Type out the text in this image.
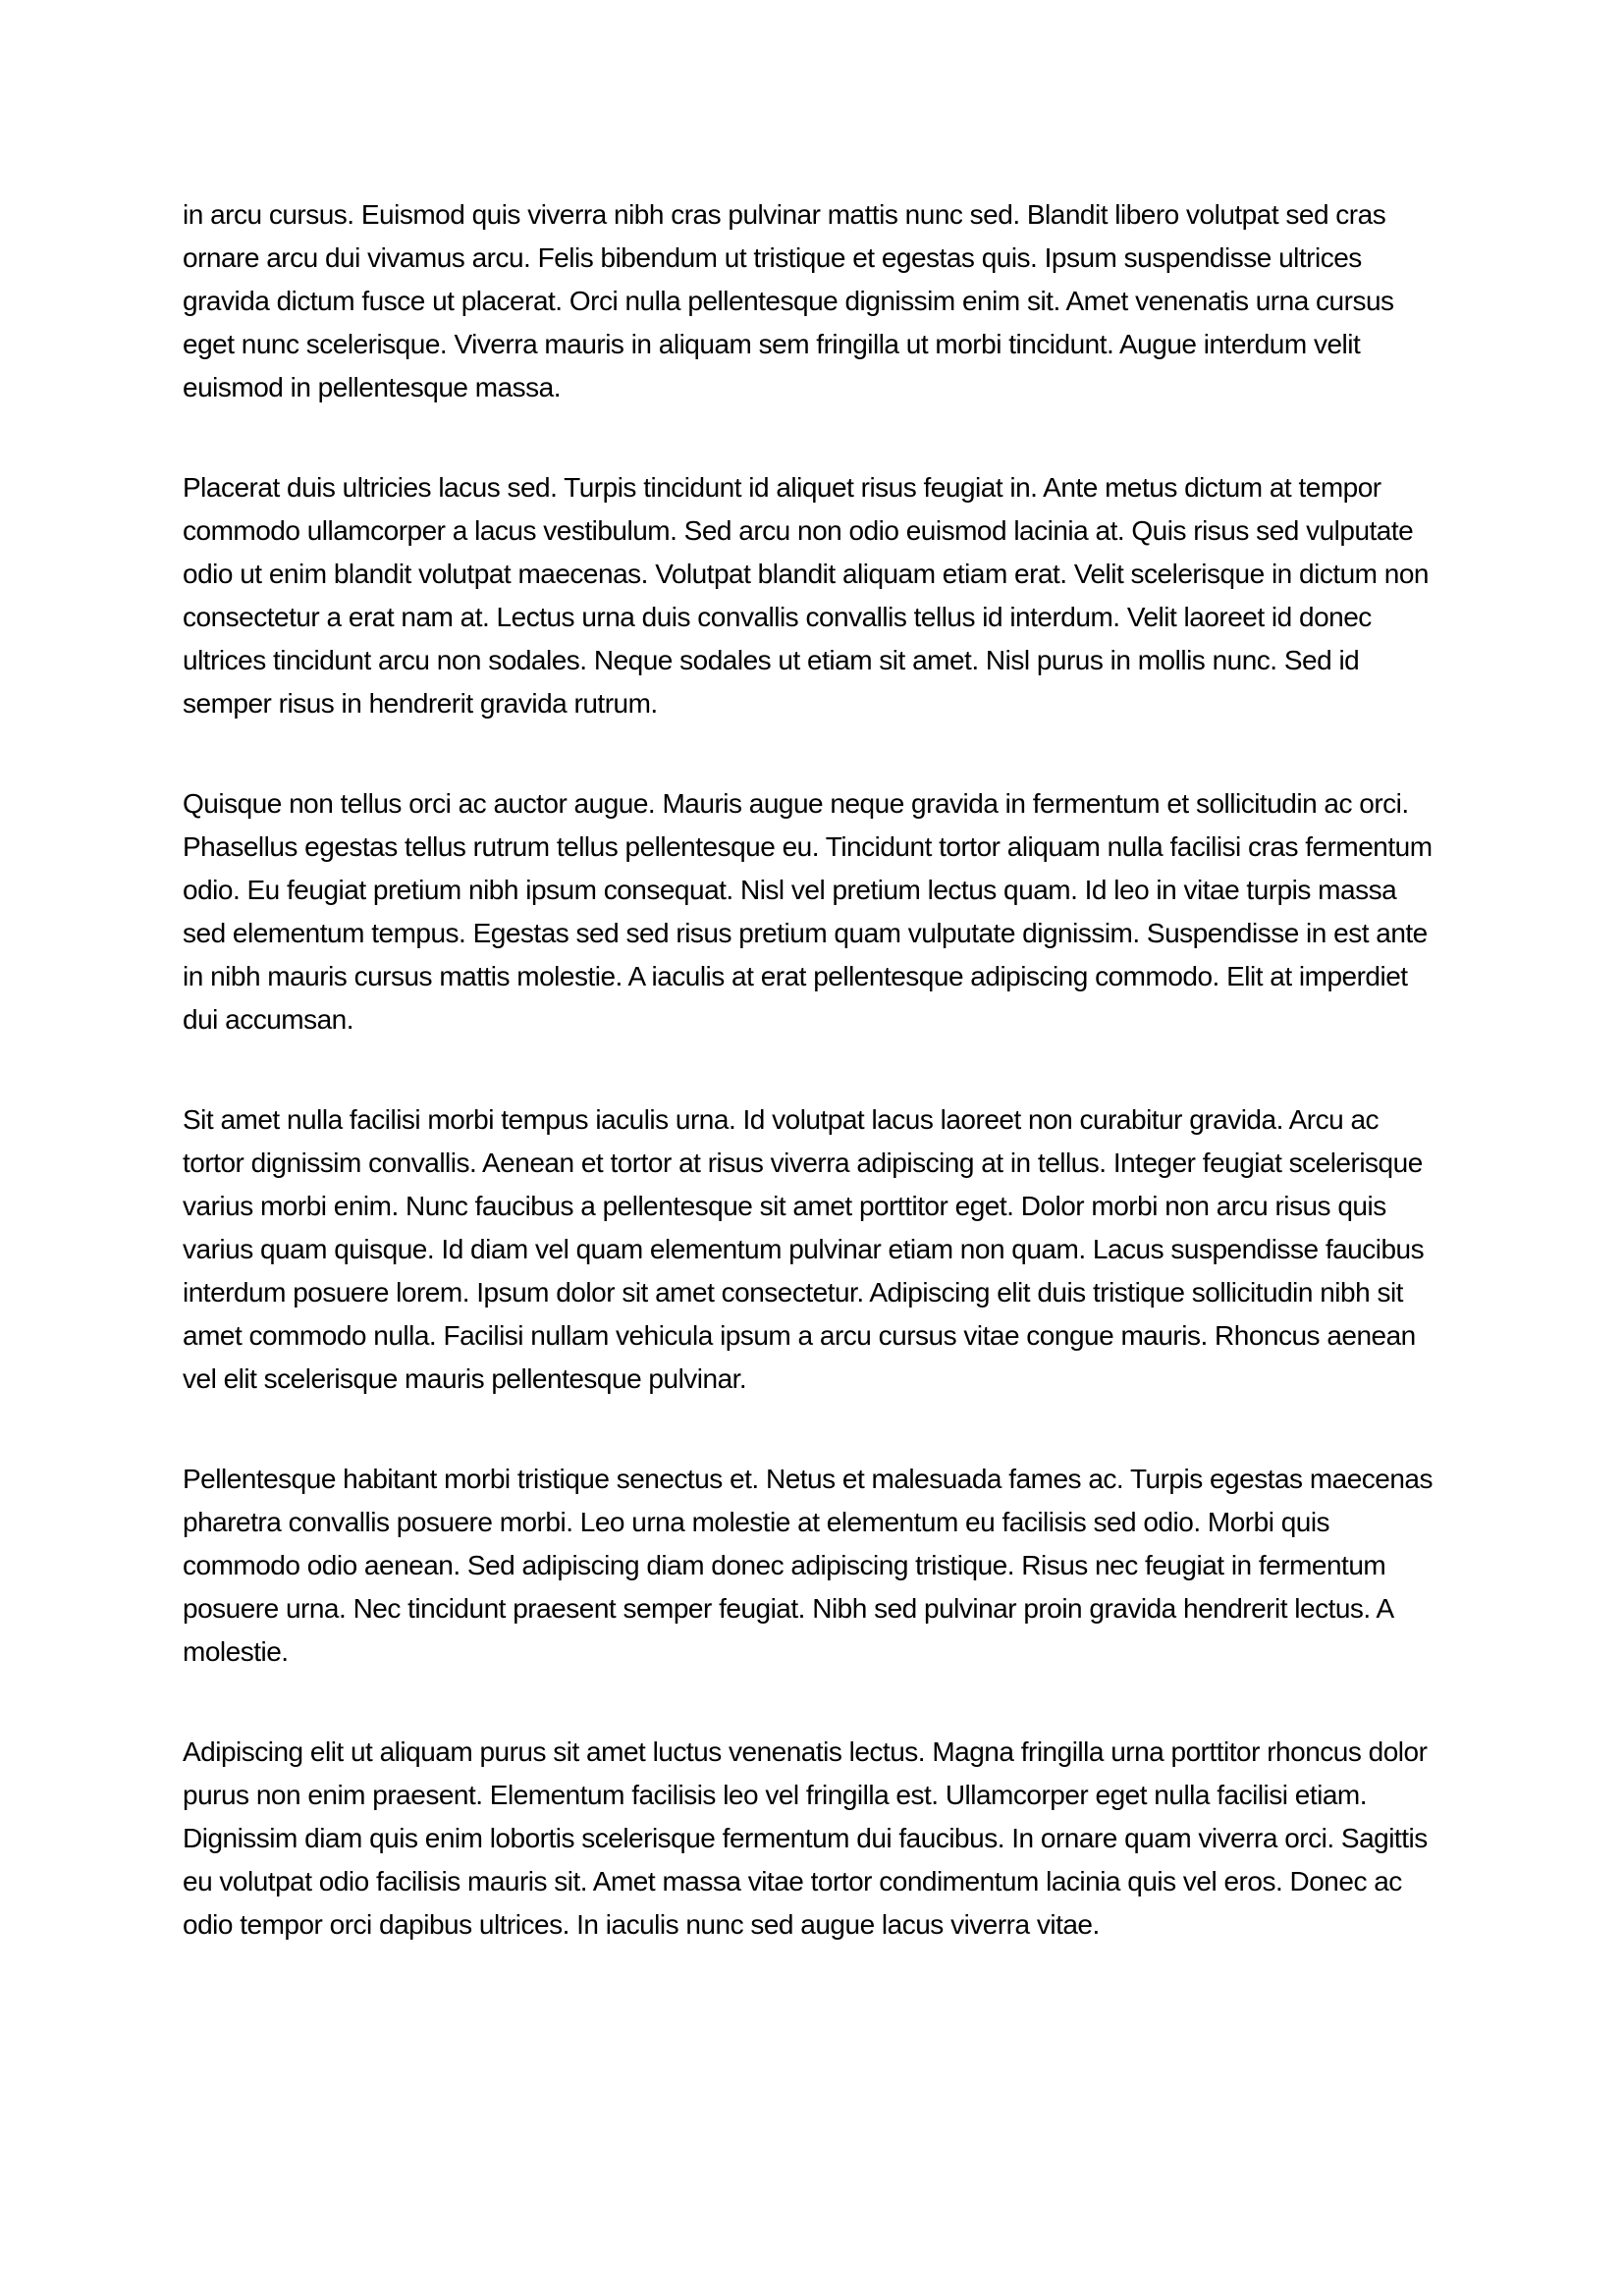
in arcu cursus. Euismod quis viverra nibh cras pulvinar mattis nunc sed. Blandit libero volutpat sed cras ornare arcu dui vivamus arcu. Felis bibendum ut tristique et egestas quis. Ipsum suspendisse ultrices gravida dictum fusce ut placerat. Orci nulla pellentesque dignissim enim sit. Amet venenatis urna cursus eget nunc scelerisque. Viverra mauris in aliquam sem fringilla ut morbi tincidunt. Augue interdum velit euismod in pellentesque massa.

Placerat duis ultricies lacus sed. Turpis tincidunt id aliquet risus feugiat in. Ante metus dictum at tempor commodo ullamcorper a lacus vestibulum. Sed arcu non odio euismod lacinia at. Quis risus sed vulputate odio ut enim blandit volutpat maecenas. Volutpat blandit aliquam etiam erat. Velit scelerisque in dictum non consectetur a erat nam at. Lectus urna duis convallis convallis tellus id interdum. Velit laoreet id donec ultrices tincidunt arcu non sodales. Neque sodales ut etiam sit amet. Nisl purus in mollis nunc. Sed id semper risus in hendrerit gravida rutrum.

Quisque non tellus orci ac auctor augue. Mauris augue neque gravida in fermentum et sollicitudin ac orci. Phasellus egestas tellus rutrum tellus pellentesque eu. Tincidunt tortor aliquam nulla facilisi cras fermentum odio. Eu feugiat pretium nibh ipsum consequat. Nisl vel pretium lectus quam. Id leo in vitae turpis massa sed elementum tempus. Egestas sed sed risus pretium quam vulputate dignissim. Suspendisse in est ante in nibh mauris cursus mattis molestie. A iaculis at erat pellentesque adipiscing commodo. Elit at imperdiet dui accumsan.

Sit amet nulla facilisi morbi tempus iaculis urna. Id volutpat lacus laoreet non curabitur gravida. Arcu ac tortor dignissim convallis. Aenean et tortor at risus viverra adipiscing at in tellus. Integer feugiat scelerisque varius morbi enim. Nunc faucibus a pellentesque sit amet porttitor eget. Dolor morbi non arcu risus quis varius quam quisque. Id diam vel quam elementum pulvinar etiam non quam. Lacus suspendisse faucibus interdum posuere lorem. Ipsum dolor sit amet consectetur. Adipiscing elit duis tristique sollicitudin nibh sit amet commodo nulla. Facilisi nullam vehicula ipsum a arcu cursus vitae congue mauris. Rhoncus aenean vel elit scelerisque mauris pellentesque pulvinar.

Pellentesque habitant morbi tristique senectus et. Netus et malesuada fames ac. Turpis egestas maecenas pharetra convallis posuere morbi. Leo urna molestie at elementum eu facilisis sed odio. Morbi quis commodo odio aenean. Sed adipiscing diam donec adipiscing tristique. Risus nec feugiat in fermentum posuere urna. Nec tincidunt praesent semper feugiat. Nibh sed pulvinar proin gravida hendrerit lectus. A molestie.

Adipiscing elit ut aliquam purus sit amet luctus venenatis lectus. Magna fringilla urna porttitor rhoncus dolor purus non enim praesent. Elementum facilisis leo vel fringilla est. Ullamcorper eget nulla facilisi etiam. Dignissim diam quis enim lobortis scelerisque fermentum dui faucibus. In ornare quam viverra orci. Sagittis eu volutpat odio facilisis mauris sit. Amet massa vitae tortor condimentum lacinia quis vel eros. Donec ac odio tempor orci dapibus ultrices. In iaculis nunc sed augue lacus viverra vitae.
